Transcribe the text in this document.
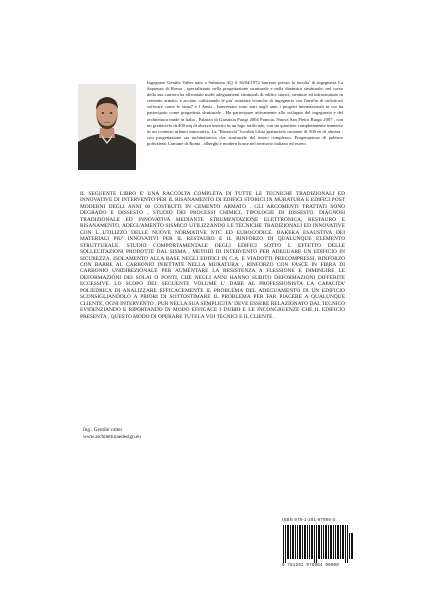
Ingegnere Gentile Valter nato a Sulmona AQ il 16/04/1972 laureato presso la facolta' di ingegneria La Sapienza di Roma , specializzato nella progettazione strutturale e nella dinamica strutturale, nel corso della sua carriera ha affrontato molti adeguamenti strutturali di edifici storici, strutture ed infrastrutture in cemento armato, e acciaio, utilizzando le piu' avanzate tecniche di ingegneria con l'ausilio di sofisticati software come lo strau7 e l Ansis . Interessato sono stati negli anni i progetti internazionali in cui ha partecipato come progettista strutturale . Ha partecipare attivamente allo sviluppo del ingegneria e del architettura made in italia , Palazzo di Giustizia Parigi 2004 Francia. Nuova San Pietro Burgo 2007 , con un grattacielo di 400 mq di altezza inserito in un lago artificiale, con un quartiere completamente immerso in un contesto urbano innovativo, La "Rinascita" località Libia grattacielo ruotante di 500 m di altezza , con progettazione sia architettonica che strutturale del intero complesso. Progettazione di palestre polivalenti Comune di Roma , alberghi e modern house nel territorio italiano ed estero.

IL SEGUENTE LIBRO E' UNA RACCOLTA COMPLETA DI TUTTE LE TECNICHE TRADIZIONALI ED INNOVATIVE DI INTERVENTO PER IL RISANAMENTO DI EDIFICI STORICI IN MURATURA E EDIFICI POST MODERNI DEGLI ANNI 60 COSTRUITI IN CEMENTO ARMATO . GLI ARGOMENTI TRATTATI SONO DEGRADO E DISSESTO , STUDIO DEI PROCESSI CHIMICI, TIPOLOGIE DI DISSESTO, DIAGNOSI TRADIZIONALE ED INNOVATIVA MEDIANTE STRUMENTAZIONE ELETTRONICA, RESTAURO E RISANAMENTO, ADEGUAMENTO SISMICO UTILIZZANDO LE TECNICHE TRADIZIONALI ED INNOVATIVE CON L UTILIZZO DELLE NUOVE NORMATIVE NTC ED EUROCODICE. BAKEKA ESAUSTIVA DEI MATERIALI PIU' INNOVATIVI PER IL RESTAURO E IL RINFORZO DI QUALUNQUE ELEMENTO STRUTTURALE. STUDIO COMPORTAMENTALE DEGLI EDIFICI SOTTO L EFFETTO DELLE SOLLECITAZIONI PRODOTTE DAL SISMA , METODI DI INTERVENTO PER ADEGUARE UN EDIFICIO IN SICUREZZA, ISOLAMENTO ALLA BASE NEGLI EDIFICI IN C.A. E VIADOTTI PRECOMPRESSI, RINFORZO CON BARRE AL CARBONIO INIETTATE NELLA MURATURA , RINFORZO CON FASCE IN FIBRA DI CARBONIO UNIDIREZIONALE PER AUMENTARE LA RESISTENZA A FLESSIONE E DIMINUIRE LE DEFORMAZIONI DEI SOLAI O PONTI, CHE NEGLI ANNI HANNO SUBITO DEFORMAZIONI DIFFERITE ECCESSIVE. LO SCOPO DEL SEGUENTE VOLUME L' DARE AL PROFESSIONISTA LA CAPACITA' POLIEDRICA DI ANALIZZARE EFFICACEMENTE IL PROBLEMA DEL ADEGUAMENTO DI UN EDIFICIO SCONSIGLIANDOLO A PRIORI DI SOTTOSTIMARE IL PROBLEMA PER FAR PIACERE A QUALUNQUE CLIENTE, OGNI INTERVENTO , PUR NELLA SUA SEMPLICITA' DEVE ESSERE RELAZIONATO DAL TECNICO EVIDENZIANDO E RIPORTANDO IN MODO EFFICACE I DUBBI E LE INCONGRUENZE CHE IL EDIFICIO PRESENTA , QUESTO MODO DI OPERARE TUTELA VOI TECNICI E IL CLIENTE .

Ing.. Gentile valter

www.architetturaedesign.eu

ISBN 978-1-291-97896-4

9 781291 978964 90000
